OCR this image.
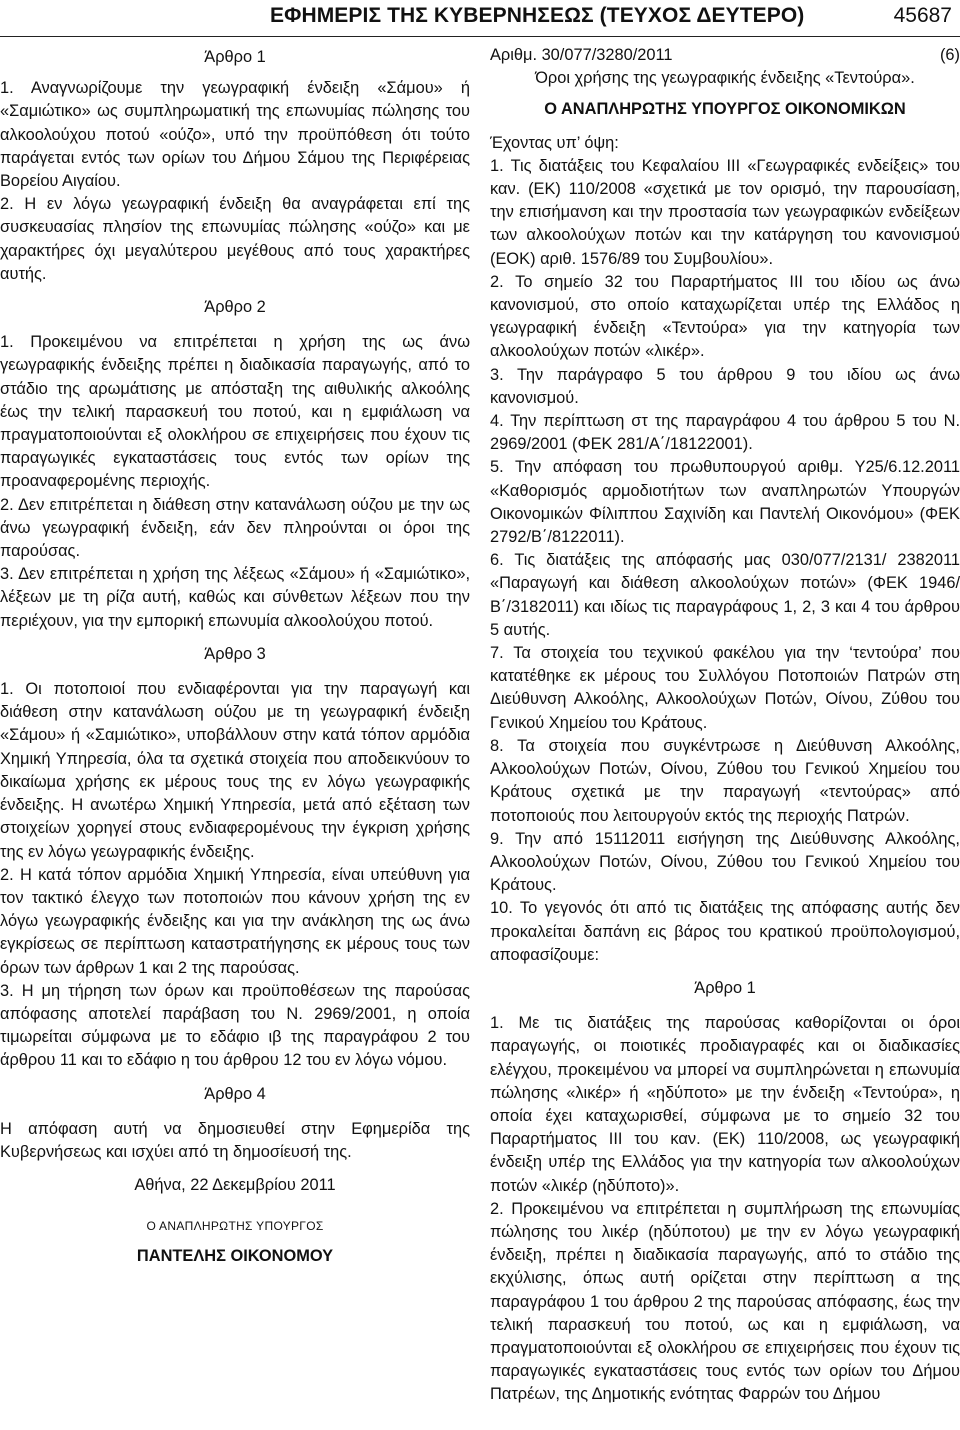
ΕΦΗΜΕΡΙΣ ΤΗΣ ΚΥΒΕΡΝΗΣΕΩΣ (ΤΕΥΧΟΣ ΔΕΥΤΕΡΟ)	45687

Άρθρο 1

1. Αναγνωρίζουμε την γεωγραφική ένδειξη «Σάμου» ή «Σαμιώτικο» ως συμπληρωματική της επωνυμίας πώλησης του αλκοολούχου ποτού «ούζο», υπό την προϋπόθεση ότι τούτο παράγεται εντός των ορίων του Δήμου Σάμου της Περιφέρειας Βορείου Αιγαίου.

2. Η εν λόγω γεωγραφική ένδειξη θα αναγράφεται επί της συσκευασίας πλησίον της επωνυμίας πώλησης «ούζο» και με χαρακτήρες όχι μεγαλύτερου μεγέθους από τους χαρακτήρες αυτής.

Άρθρο 2

1. Προκειμένου να επιτρέπεται η χρήση της ως άνω γεωγραφικής ένδειξης πρέπει η διαδικασία παραγωγής, από το στάδιο της αρωμάτισης με απόσταξη της αιθυλικής αλκοόλης έως την τελική παρασκευή του ποτού, και η εμφιάλωση να πραγματοποιούνται εξ ολοκλήρου σε επιχειρήσεις που έχουν τις παραγωγικές εγκαταστάσεις τους εντός των ορίων της προαναφερομένης περιοχής.

2. Δεν επιτρέπεται η διάθεση στην κατανάλωση ούζου με την ως άνω γεωγραφική ένδειξη, εάν δεν πληρούνται οι όροι της παρούσας.

3. Δεν επιτρέπεται η χρήση της λέξεως «Σάμου» ή «Σαμιώτικο», λέξεων με τη ρίζα αυτή, καθώς και σύνθετων λέξεων που την περιέχουν, για την εμπορική επωνυμία αλκοολούχου ποτού.

Άρθρο 3

1. Οι ποτοποιοί που ενδιαφέρονται για την παραγωγή και διάθεση στην κατανάλωση ούζου με τη γεωγραφική ένδειξη «Σάμου» ή «Σαμιώτικο», υποβάλλουν στην κατά τόπον αρμόδια Χημική Υπηρεσία, όλα τα σχετικά στοιχεία που αποδεικνύουν το δικαίωμα χρήσης εκ μέρους τους της εν λόγω γεωγραφικής ένδειξης. Η ανωτέρω Χημική Υπηρεσία, μετά από εξέταση των στοιχείων χορηγεί στους ενδιαφερομένους την έγκριση χρήσης της εν λόγω γεωγραφικής ένδειξης.

2. Η κατά τόπον αρμόδια Χημική Υπηρεσία, είναι υπεύθυνη για τον τακτικό έλεγχο των ποτοποιών που κάνουν χρήση της εν λόγω γεωγραφικής ένδειξης και για την ανάκληση της ως άνω εγκρίσεως σε περίπτωση καταστρατήγησης εκ μέρους τους των όρων των άρθρων 1 και 2 της παρούσας.

3. Η μη τήρηση των όρων και προϋποθέσεων της παρούσας απόφασης αποτελεί παράβαση του Ν. 2969/2001, η οποία τιμωρείται σύμφωνα με το εδάφιο ιβ της παραγράφου 2 του άρθρου 11 και το εδάφιο η του άρθρου 12 του εν λόγω νόμου.

Άρθρο 4

Η απόφαση αυτή να δημοσιευθεί στην Εφημερίδα της Κυβερνήσεως και ισχύει από τη δημοσίευσή της.

Αθήνα, 22 Δεκεμβρίου 2011

Ο ΑΝΑΠΛΗΡΩΤΗΣ ΥΠΟΥΡΓΟΣ

ΠΑΝΤΕΛΗΣ ΟΙΚΟΝΟΜΟΥ

Αριθμ. 30/077/3280/2011	(6)

Όροι χρήσης της γεωγραφικής ένδειξης «Τεντούρα».

Ο ΑΝΑΠΛΗΡΩΤΗΣ ΥΠΟΥΡΓΟΣ ΟΙΚΟΝΟΜΙΚΩΝ

Έχοντας υπ’ όψη:

1. Τις διατάξεις του Κεφαλαίου ΙΙΙ «Γεωγραφικές ενδείξεις» του καν. (ΕΚ) 110/2008 «σχετικά με τον ορισμό, την παρουσίαση, την επισήμανση και την προστασία των γεωγραφικών ενδείξεων των αλκοολούχων ποτών και την κατάργηση του κανονισμού (ΕΟΚ) αριθ. 1576/89 του Συμβουλίου».

2. Το σημείο 32 του Παραρτήματος ΙΙΙ του ιδίου ως άνω κανονισμού, στο οποίο καταχωρίζεται υπέρ της Ελλάδος η γεωγραφική ένδειξη «Τεντούρα» για την κατηγορία των αλκοολούχων ποτών «λικέρ».

3. Την παράγραφο 5 του άρθρου 9 του ιδίου ως άνω κανονισμού.

4. Την περίπτωση στ της παραγράφου 4 του άρθρου 5 του Ν. 2969/2001 (ΦΕΚ 281/Α΄/18122001).

5. Την απόφαση του πρωθυπουργού αριθμ. Υ25/6.12.2011 «Καθορισμός αρμοδιοτήτων των αναπληρωτών Υπουργών Οικονομικών Φίλιππου Σαχινίδη και Παντελή Οικονόμου» (ΦΕΚ 2792/Β΄/8122011).

6. Τις διατάξεις της απόφασής μας 030/077/2131/ 2382011 «Παραγωγή και διάθεση αλκοολούχων ποτών» (ΦΕΚ 1946/Β΄/3182011) και ιδίως τις παραγράφους 1, 2, 3 και 4 του άρθρου 5 αυτής.

7. Τα στοιχεία του τεχνικού φακέλου για την ‘τεντούρα’ που κατατέθηκε εκ μέρους του Συλλόγου Ποτοποιών Πατρών στη Διεύθυνση Αλκοόλης, Αλκοολούχων Ποτών, Οίνου, Ζύθου του Γενικού Χημείου του Κράτους.

8. Τα στοιχεία που συγκέντρωσε η Διεύθυνση Αλκοόλης, Αλκοολούχων Ποτών, Οίνου, Ζύθου του Γενικού Χημείου του Κράτους σχετικά με την παραγωγή «τεντούρας» από ποτοποιούς που λειτουργούν εκτός της περιοχής Πατρών.

9. Την από 15112011 εισήγηση της Διεύθυνσης Αλκοόλης, Αλκοολούχων Ποτών, Οίνου, Ζύθου του Γενικού Χημείου του Κράτους.

10. Το γεγονός ότι από τις διατάξεις της απόφασης αυτής δεν προκαλείται δαπάνη εις βάρος του κρατικού προϋπολογισμού, αποφασίζουμε:

Άρθρο 1

1. Με τις διατάξεις της παρούσας καθορίζονται οι όροι παραγωγής, οι ποιοτικές προδιαγραφές και οι διαδικασίες ελέγχου, προκειμένου να μπορεί να συμπληρώνεται η επωνυμία πώλησης «λικέρ» ή «ηδύποτο» με την ένδειξη «Τεντούρα», η οποία έχει καταχωρισθεί, σύμφωνα με το σημείο 32 του Παραρτήματος ΙΙΙ του καν. (ΕΚ) 110/2008, ως γεωγραφική ένδειξη υπέρ της Ελλάδος για την κατηγορία των αλκοολούχων ποτών «λικέρ (ηδύποτο)».

2. Προκειμένου να επιτρέπεται η συμπλήρωση της επωνυμίας πώλησης του λικέρ (ηδύποτου) με την εν λόγω γεωγραφική ένδειξη, πρέπει η διαδικασία παραγωγής, από το στάδιο της εκχύλισης, όπως αυτή ορίζεται στην περίπτωση α της παραγράφου 1 του άρθρου 2 της παρούσας απόφασης, έως την τελική παρασκευή του ποτού, ως και η εμφιάλωση, να πραγματοποιούνται εξ ολοκλήρου σε επιχειρήσεις που έχουν τις παραγωγικές εγκαταστάσεις τους εντός των ορίων του Δήμου Πατρέων, της Δημοτικής ενότητας Φαρρών του Δήμου
